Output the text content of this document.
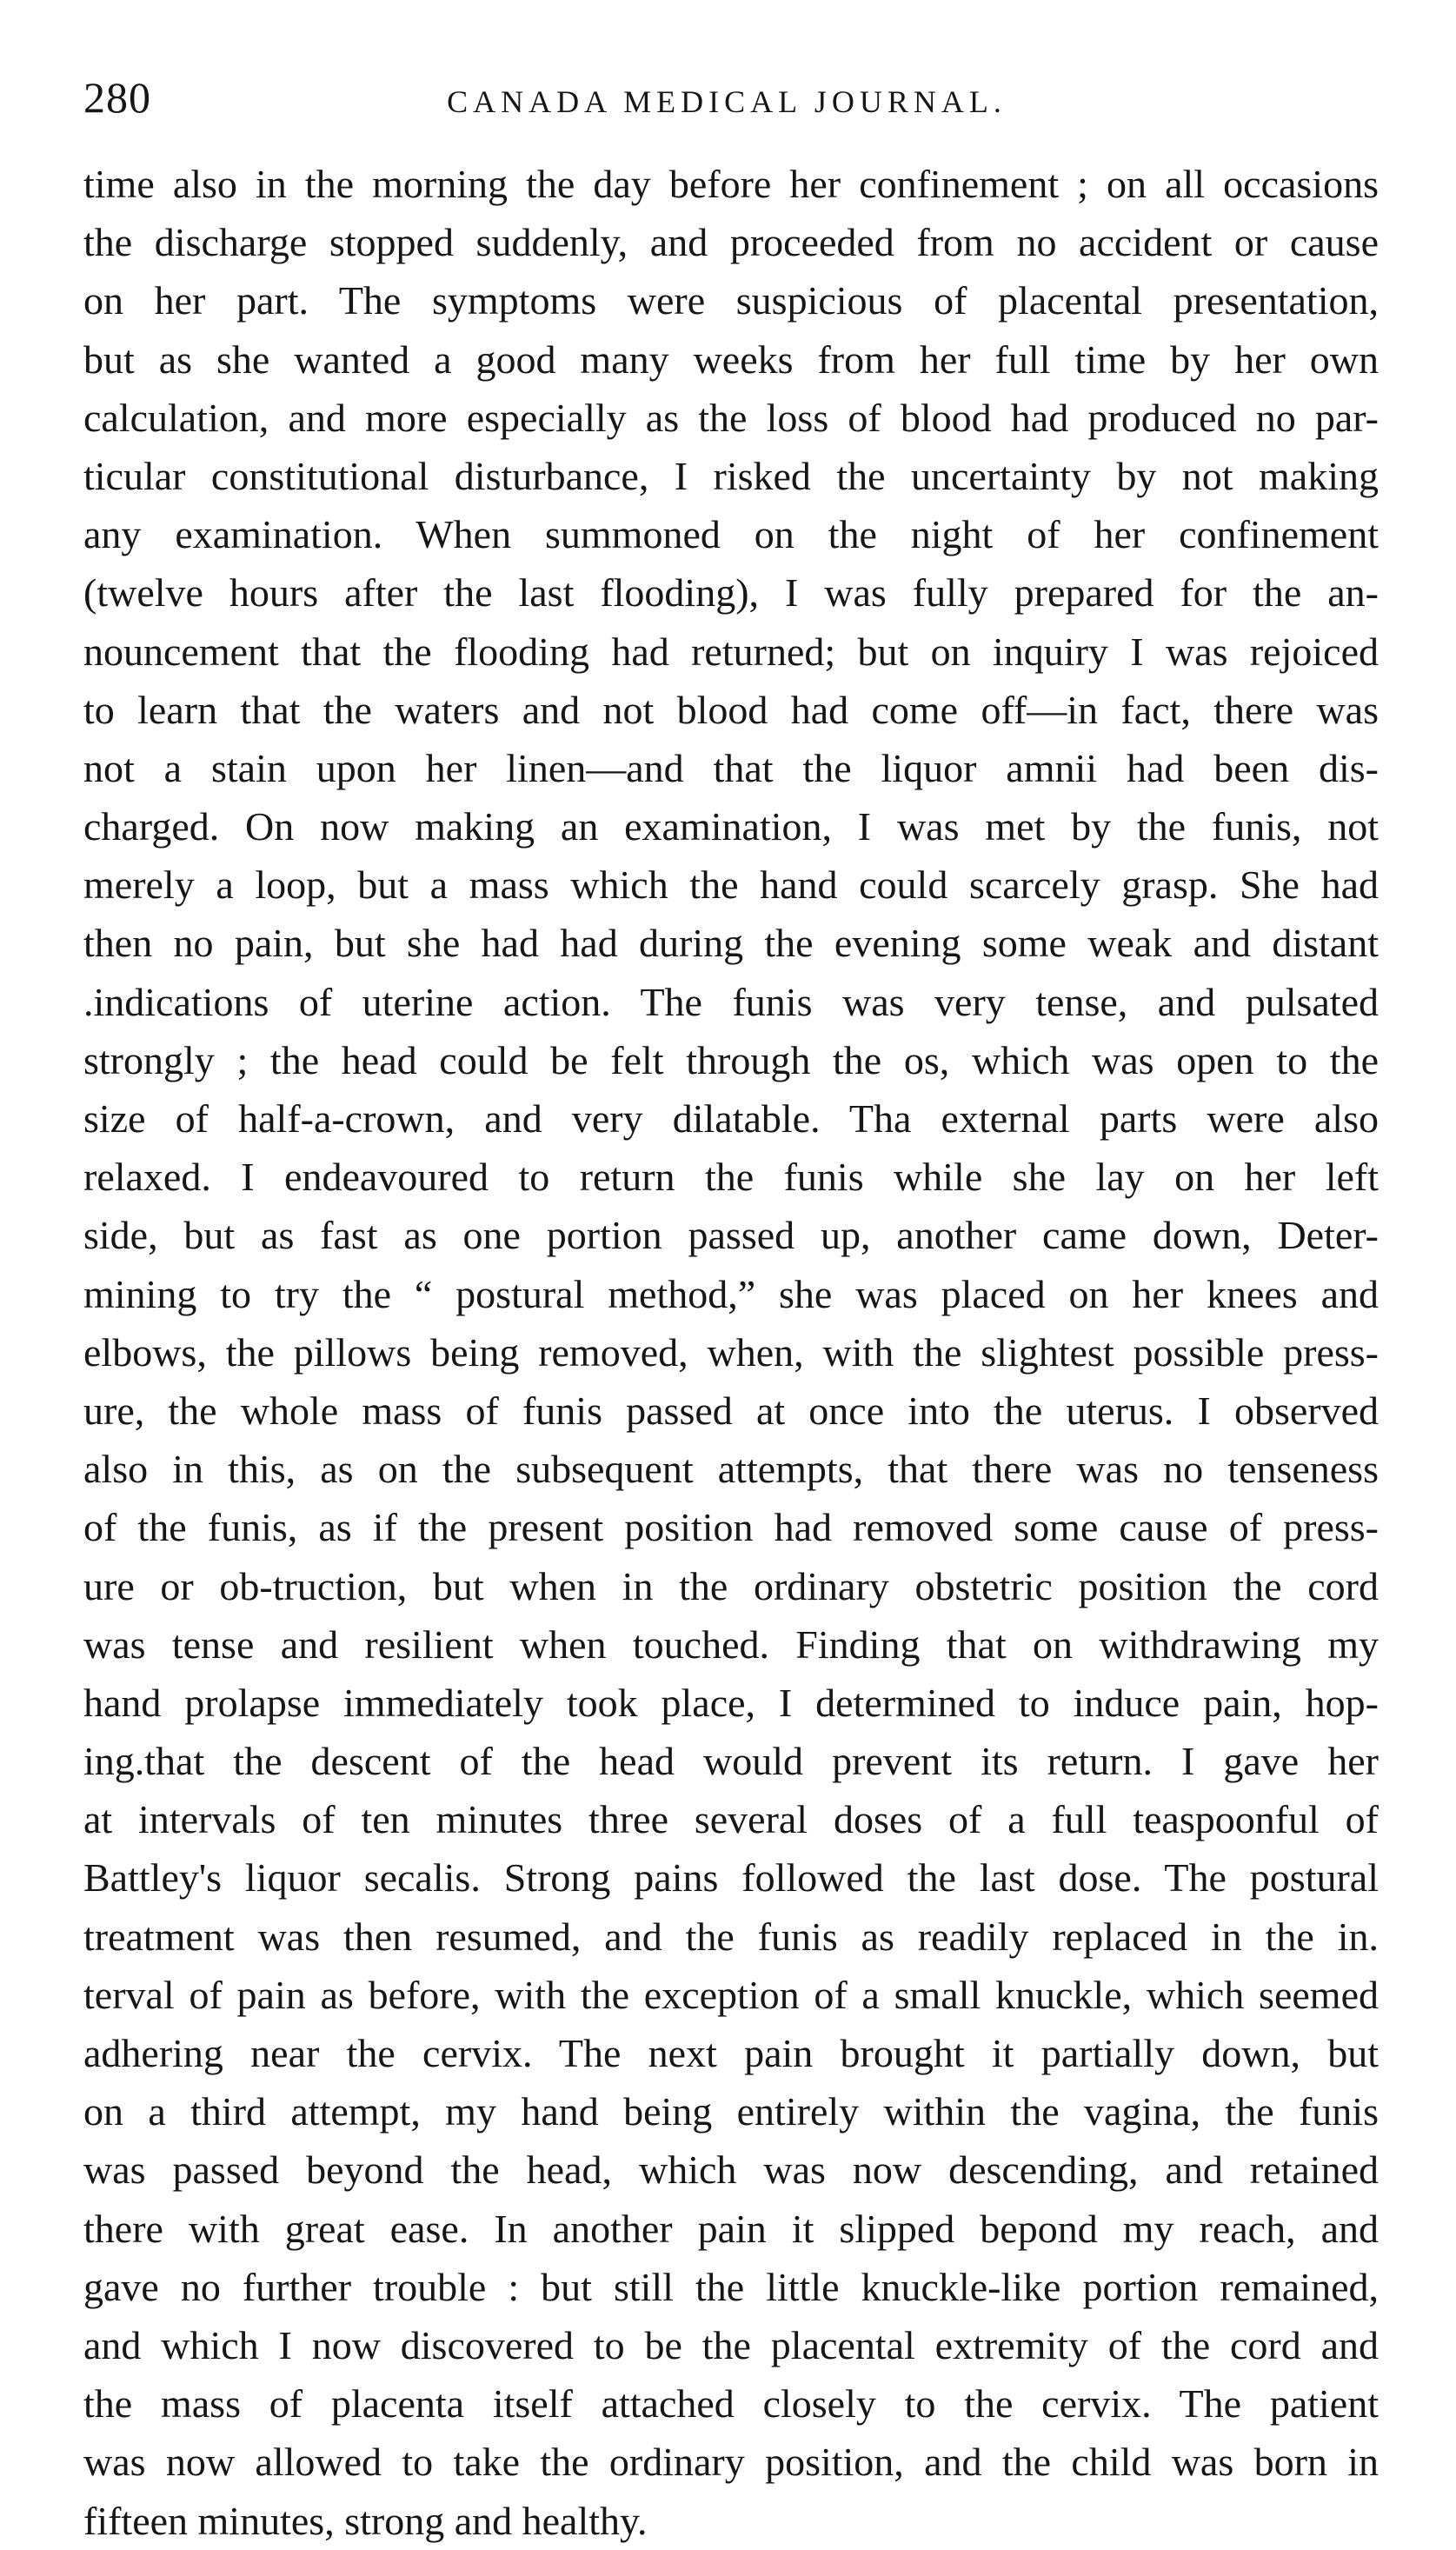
280	CANADA MEDICAL JOURNAL.
time also in the morning the day before her confinement ; on all occasions
the discharge stopped suddenly, and proceeded from no accident or cause
on her part. The symptoms were suspicious of placental presentation,
but as she wanted a good many weeks from her full time by her own
calculation, and more especially as the loss of blood had produced no par-
ticular constitutional disturbance, I risked the uncertainty by not making
any examination. When summoned on the night of her confinement
(twelve hours after the last flooding), I was fully prepared for the an-
nouncement that the flooding had returned; but on inquiry I was rejoiced
to learn that the waters and not blood had come off—in fact, there was
not a stain upon her linen—and that the liquor amnii had been dis-
charged. On now making an examination, I was met by the funis, not
merely a loop, but a mass which the hand could scarcely grasp. She had
then no pain, but she had had during the evening some weak and distant
.indications of uterine action. The funis was very tense, and pulsated
strongly ; the head could be felt through the os, which was open to the
size of half-a-crown, and very dilatable. Tha external parts were also
relaxed. I endeavoured to return the funis while she lay on her left
side, but as fast as one portion passed up, another came down, Deter-
mining to try the “ postural method,” she was placed on her knees and
elbows, the pillows being removed, when, with the slightest possible press-
ure, the whole mass of funis passed at once into the uterus. I observed
also in this, as on the subsequent attempts, that there was no tenseness
of the funis, as if the present position had removed some cause of press-
ure or ob-truction, but when in the ordinary obstetric position the cord
was tense and resilient when touched. Finding that on withdrawing my
hand prolapse immediately took place, I determined to induce pain, hop-
ing.that the descent of the head would prevent its return. I gave her
at intervals of ten minutes three several doses of a full teaspoonful of
Battley's liquor secalis. Strong pains followed the last dose. The postural
treatment was then resumed, and the funis as readily replaced in the in.
terval of pain as before, with the exception of a small knuckle, which seemed
adhering near the cervix. The next pain brought it partially down, but
on a third attempt, my hand being entirely within the vagina, the funis
was passed beyond the head, which was now descending, and retained
there with great ease. In another pain it slipped bepond my reach, and
gave no further trouble : but still the little knuckle-like portion remained,
and which I now discovered to be the placental extremity of the cord and
the mass of placenta itself attached closely to the cervix. The patient
was now allowed to take the ordinary position, and the child was born in
fifteen minutes, strong and healthy.
